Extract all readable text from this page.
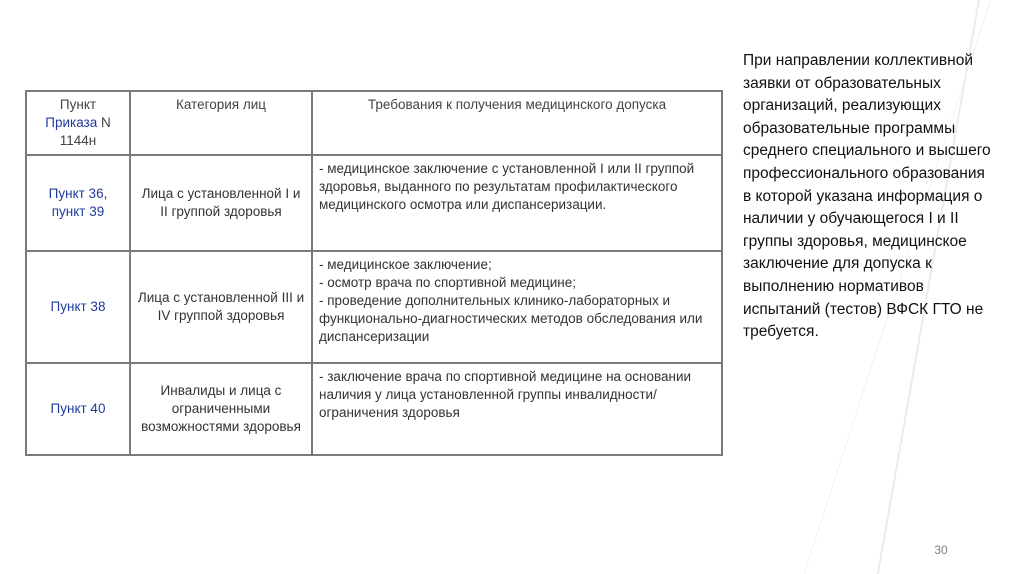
Пункт
Приказа N
1144н	Категория лиц	Требования к получения медицинского допуска
Пункт 36, пункт 39	Лица с установленной I и II группой здоровья	- медицинское заключение с установленной I или II группой здоровья, выданного по результатам профилактического медицинского осмотра или диспансеризации.

Пункт 38	Лица с установленной III и IV группой здоровья	- медицинское заключение;
- осмотр врача по спортивной медицине;
- проведение дополнительных клинико-лабораторных и функционально-диагностических методов обследования или диспансеризации

Пункт 40	Инвалиды и лица с ограниченными возможностями здоровья	- заключение врача по спортивной медицине на основании наличия у лица установленной группы инвалидности/ограничения здоровья
При направлении коллективной заявки от образовательных организаций, реализующих образовательные программы среднего специального и высшего профессионального образования в которой указана информация о наличии у обучающегося I и II группы здоровья, медицинское заключение для допуска к выполнению нормативов испытаний (тестов) ВФСК ГТО не требуется.
30
